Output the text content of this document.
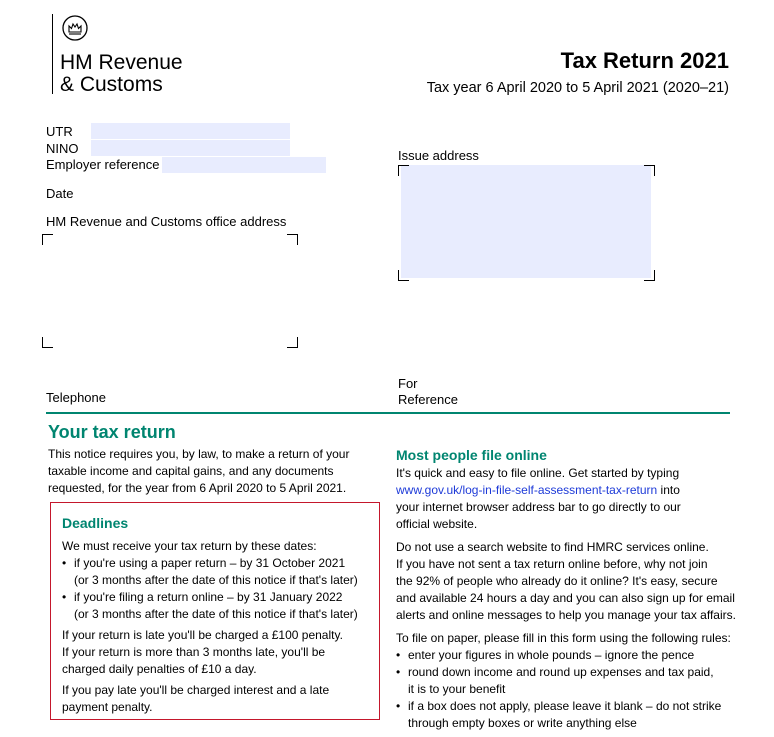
HM Revenue
& Customs
Tax Return 2021
Tax year 6 April 2020 to 5 April 2021 (2020–21)
UTR
NINO
Employer reference
Date
HM Revenue and Customs office address
Issue address
Telephone
For
Reference
Your tax return
This notice requires you, by law, to make a return of your
taxable income and capital gains, and any documents
requested, for the year from 6 April 2020 to 5 April 2021.
Deadlines
We must receive your tax return by these dates:
• if you're using a paper return – by 31 October 2021
(or 3 months after the date of this notice if that's later)
• if you're filing a return online – by 31 January 2022
(or 3 months after the date of this notice if that's later)
If your return is late you'll be charged a £100 penalty.
If your return is more than 3 months late, you'll be
charged daily penalties of £10 a day.
If you pay late you'll be charged interest and a late
payment penalty.
Most people file online
It's quick and easy to file online. Get started by typing
www.gov.uk/log-in-file-self-assessment-tax-return into
your internet browser address bar to go directly to our
official website.
Do not use a search website to find HMRC services online.
If you have not sent a tax return online before, why not join
the 92% of people who already do it online? It's easy, secure
and available 24 hours a day and you can also sign up for email
alerts and online messages to help you manage your tax affairs.
To file on paper, please fill in this form using the following rules:
• enter your figures in whole pounds – ignore the pence
• round down income and round up expenses and tax paid,
it is to your benefit
• if a box does not apply, please leave it blank – do not strike
through empty boxes or write anything else
